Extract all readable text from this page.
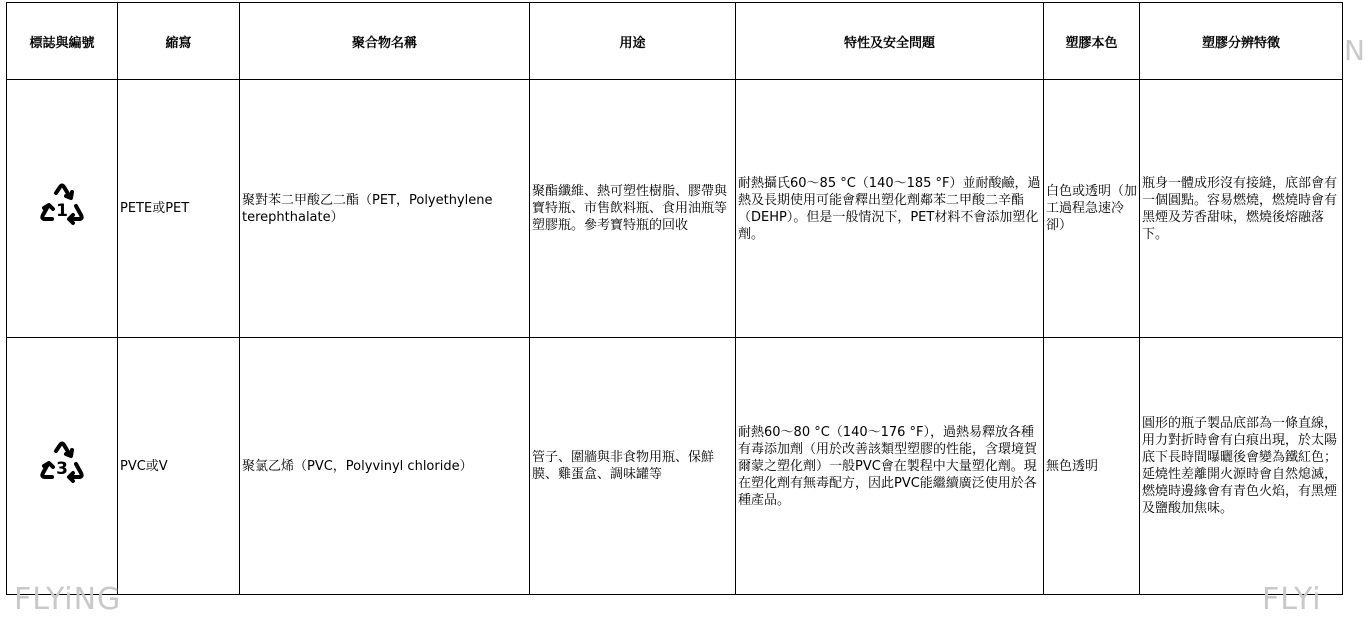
標誌與編號	縮寫	聚合物名稱	用途	特性及安全問題	塑膠本色	塑膠分辨特徵

1	PETE或PET	聚對苯二甲酸乙二酯（PET，Polyethylene terephthalate）	聚酯纖維、熱可塑性樹脂、膠帶與寶特瓶、市售飲料瓶、食用油瓶等塑膠瓶。參考寶特瓶的回收	耐熱攝氏60～85 °C（140～185 °F）並耐酸鹼，過熱及長期使用可能會釋出塑化劑鄰苯二甲酸二辛酯（DEHP）。但是一般情況下，PET材料不會添加塑化劑。	白色或透明（加工過程急速冷卻）	瓶身一體成形沒有接縫，底部會有一個圓點。容易燃燒，燃燒時會有黑煙及芳香甜味，燃燒後熔融落下。

3	PVC或V	聚氯乙烯（PVC，Polyvinyl chloride）	管子、圍牆與非食物用瓶、保鮮膜、雞蛋盒、調味罐等	耐熱60～80 °C（140～176 °F），過熱易釋放各種有毒添加劑（用於改善該類型塑膠的性能，含環境賀爾蒙之塑化劑）一般PVC會在製程中大量塑化劑。現在塑化劑有無毒配方，因此PVC能繼續廣泛使用於各種產品。	無色透明	圓形的瓶子製品底部為一條直線，用力對折時會有白痕出現，於太陽底下長時間曝曬後會變為鐵紅色；延燒性差離開火源時會自然熄滅，燃燒時邊緣會有青色火焰，有黑煙及鹽酸加焦味。
FLYiNG	FLYi
N
